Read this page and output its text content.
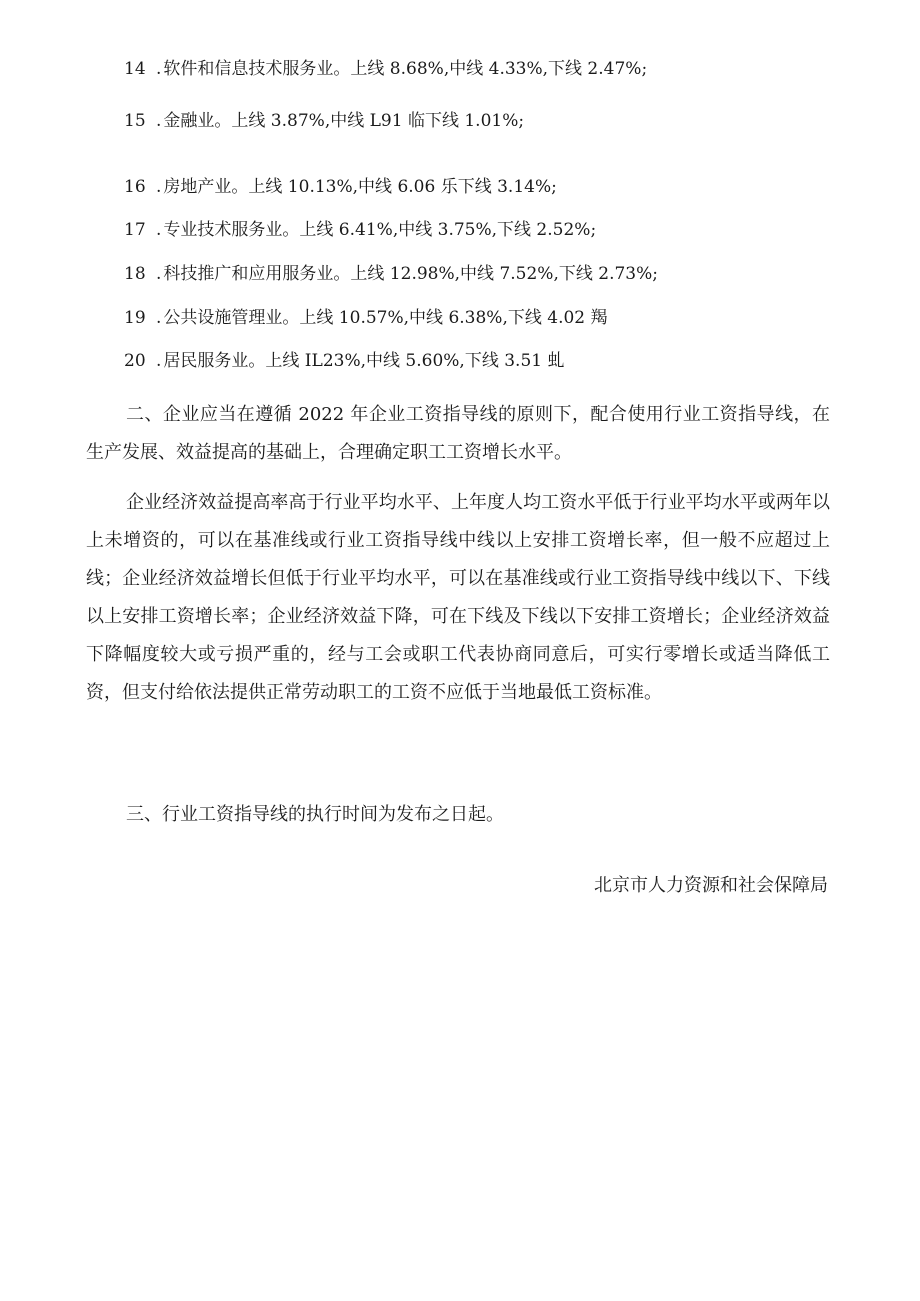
14 . 软件和信息技术服务业。上线 8.68%,中线 4.33%,下线 2.47%;
15 . 金融业。上线 3.87%,中线 L91 临下线 1.01%;
16 . 房地产业。上线 10.13%,中线 6.06 乐下线 3.14%;
17 . 专业技术服务业。上线 6.41%,中线 3.75%,下线 2.52%;
18 . 科技推广和应用服务业。上线 12.98%,中线 7.52%,下线 2.73%;
19 . 公共设施管理业。上线 10.57%,中线 6.38%,下线 4.02 羯
20 . 居民服务业。上线 IL23%,中线 5.60%,下线 3.51 虬

二、企业应当在遵循 2022 年企业工资指导线的原则下，配合使用行业工资指导线，在生产发展、效益提高的基础上，合理确定职工工资增长水平。

企业经济效益提高率高于行业平均水平、上年度人均工资水平低于行业平均水平或两年以上未增资的，可以在基准线或行业工资指导线中线以上安排工资增长率，但一般不应超过上线；企业经济效益增长但低于行业平均水平，可以在基准线或行业工资指导线中线以下、下线以上安排工资增长率；企业经济效益下降，可在下线及下线以下安排工资增长；企业经济效益下降幅度较大或亏损严重的，经与工会或职工代表协商同意后，可实行零增长或适当降低工资，但支付给依法提供正常劳动职工的工资不应低于当地最低工资标准。

三、行业工资指导线的执行时间为发布之日起。

北京市人力资源和社会保障局
